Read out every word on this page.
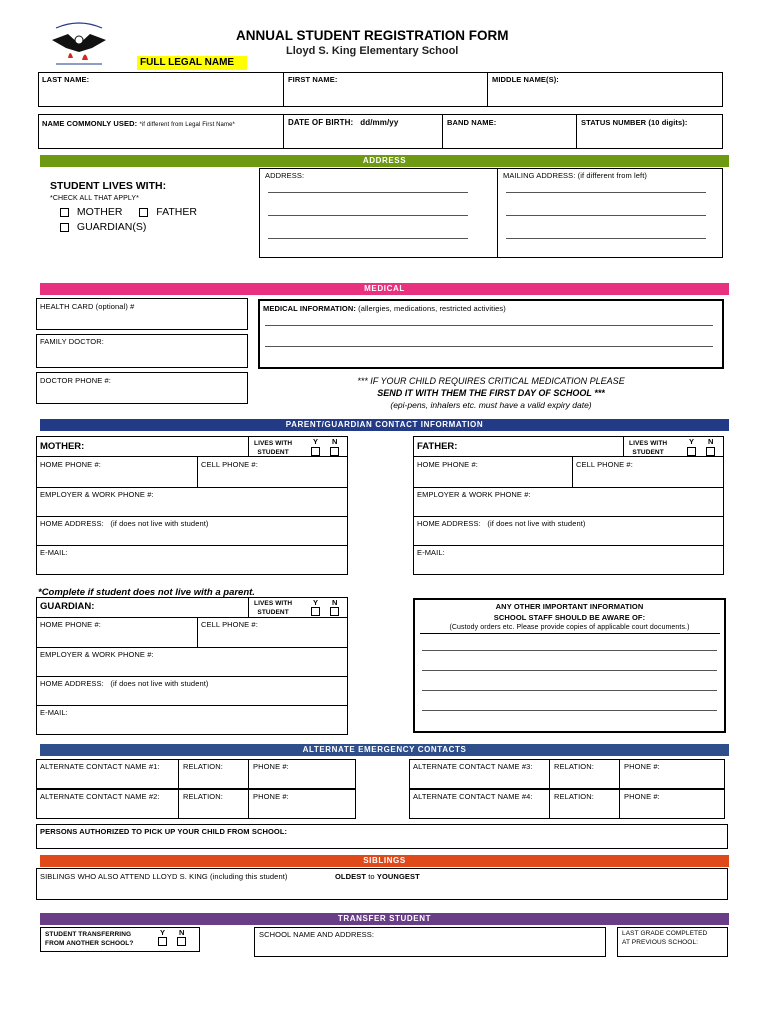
ANNUAL STUDENT REGISTRATION FORM
Lloyd S. King Elementary School
FULL LEGAL NAME
LAST NAME:	FIRST NAME:	MIDDLE NAME(S):
NAME COMMONLY USED: *if different from Legal First Name*	DATE OF BIRTH: dd/mm/yy	BAND NAME:	STATUS NUMBER (10 digits):
ADDRESS
STUDENT LIVES WITH:
*CHECK ALL THAT APPLY*
MOTHER	FATHER
GUARDIAN(S)
ADDRESS:	MAILING ADDRESS: (if different from left)
MEDICAL
HEALTH CARD (optional) #
FAMILY DOCTOR:
DOCTOR PHONE #:
MEDICAL INFORMATION: (allergies, medications, restricted activities)
*** IF YOUR CHILD REQUIRES CRITICAL MEDICATION PLEASE
SEND IT WITH THEM THE FIRST DAY OF SCHOOL ***
(epi-pens, inhalers etc. must have a valid expiry date)
PARENT/GUARDIAN CONTACT INFORMATION
MOTHER:	LIVES WITH
STUDENT
Y N
HOME PHONE #:	CELL PHONE #:
EMPLOYER & WORK PHONE #:
HOME ADDRESS: (if does not live with student)
E-MAIL:
FATHER:	LIVES WITH
STUDENT
Y N
HOME PHONE #:	CELL PHONE #:
EMPLOYER & WORK PHONE #:
HOME ADDRESS: (if does not live with student)
E-MAIL:
*Complete if student does not live with a parent.
GUARDIAN:	LIVES WITH
STUDENT
Y N
HOME PHONE #:	CELL PHONE #:
EMPLOYER & WORK PHONE #:
HOME ADDRESS: (if does not live with student)
E-MAIL:
ANY OTHER IMPORTANT INFORMATION
SCHOOL STAFF SHOULD BE AWARE OF:
(Custody orders etc. Please provide copies of applicable court documents.)
ALTERNATE EMERGENCY CONTACTS
ALTERNATE CONTACT NAME #1:	RELATION:	PHONE #:
ALTERNATE CONTACT NAME #2:	RELATION:	PHONE #:
ALTERNATE CONTACT NAME #3:	RELATION:	PHONE #:
ALTERNATE CONTACT NAME #4:	RELATION:	PHONE #:
PERSONS AUTHORIZED TO PICK UP YOUR CHILD FROM SCHOOL:
SIBLINGS
SIBLINGS WHO ALSO ATTEND LLOYD S. KING (including this student)	OLDEST to YOUNGEST
TRANSFER STUDENT
STUDENT TRANSFERRING
FROM ANOTHER SCHOOL?
Y N	SCHOOL NAME AND ADDRESS:	LAST GRADE COMPLETED
AT PREVIOUS SCHOOL:
